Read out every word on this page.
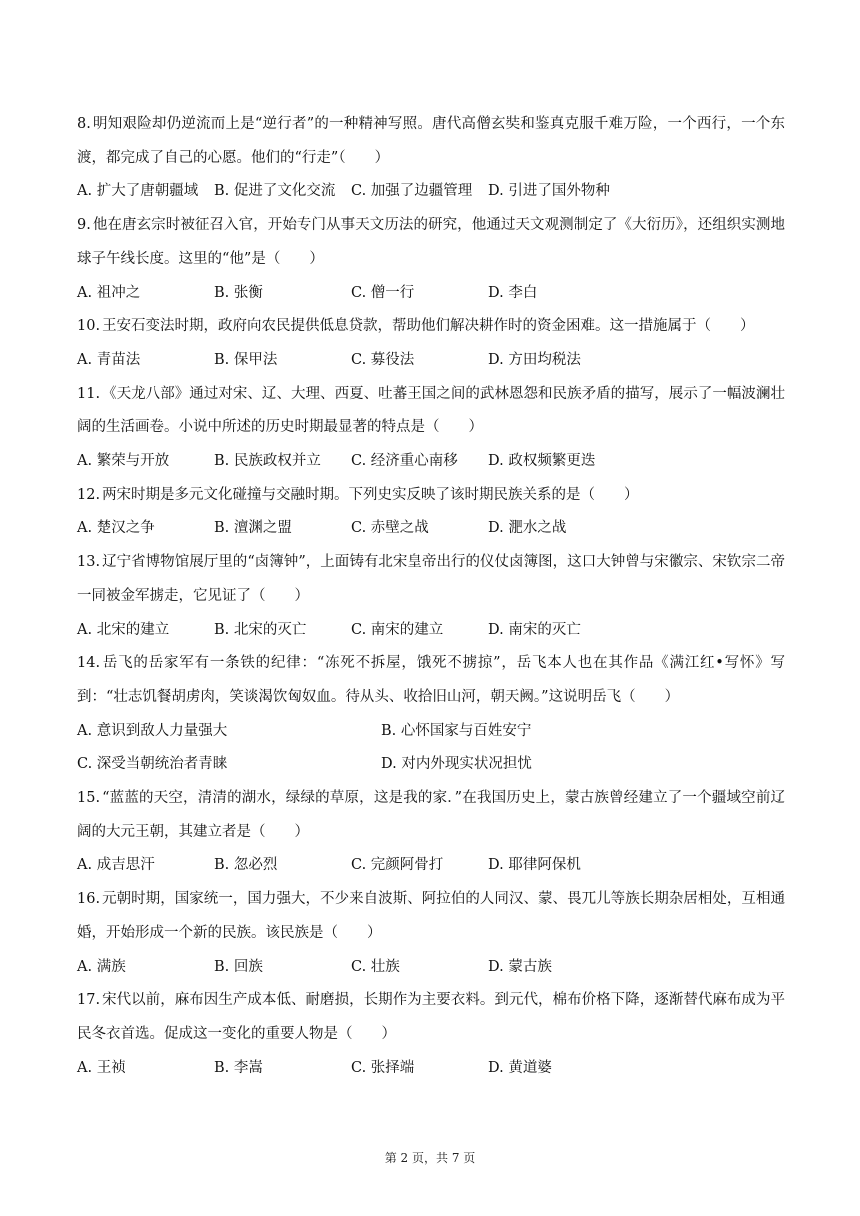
8. 明知艰险却仍逆流而上是“逆行者”的一种精神写照。唐代高僧玄奘和鉴真克服千难万险，一个西行，一个东渡，都完成了自己的心愿。他们的“行走”（　　）

A. 扩大了唐朝疆域	B. 促进了文化交流	C. 加强了边疆管理	D. 引进了国外物种

9. 他在唐玄宗时被征召入官，开始专门从事天文历法的研究，他通过天文观测制定了《大衍历》，还组织实测地球子午线长度。这里的“他”是（　　）

A. 祖冲之	B. 张衡	C. 僧一行	D. 李白

10. 王安石变法时期，政府向农民提供低息贷款，帮助他们解决耕作时的资金困难。这一措施属于（　　）

A. 青苗法	B. 保甲法	C. 募役法	D. 方田均税法

11. 《天龙八部》通过对宋、辽、大理、西夏、吐蕃王国之间的武林恩怨和民族矛盾的描写，展示了一幅波澜壮阔的生活画卷。小说中所述的历史时期最显著的特点是（　　）

A. 繁荣与开放	B. 民族政权并立	C. 经济重心南移	D. 政权频繁更迭

12. 两宋时期是多元文化碰撞与交融时期。下列史实反映了该时期民族关系的是（　　）

A. 楚汉之争	B. 澶渊之盟	C. 赤壁之战	D. 淝水之战

13. 辽宁省博物馆展厅里的“卤簿钟”，上面铸有北宋皇帝出行的仪仗卤簿图，这口大钟曾与宋徽宗、宋钦宗二帝一同被金军掳走，它见证了（　　）

A. 北宋的建立	B. 北宋的灭亡	C. 南宋的建立	D. 南宋的灭亡

14. 岳飞的岳家军有一条铁的纪律：“冻死不拆屋，饿死不掳掠”，岳飞本人也在其作品《满江红•写怀》写到：“壮志饥餐胡虏肉，笑谈渴饮匈奴血。待从头、收拾旧山河，朝天阙。”这说明岳飞（　　）

A. 意识到敌人力量强大	B. 心怀国家与百姓安宁
C. 深受当朝统治者青睐	D. 对内外现实状况担忧

15. “蓝蓝的天空，清清的湖水，绿绿的草原，这是我的家．”在我国历史上，蒙古族曾经建立了一个疆域空前辽阔的大元王朝，其建立者是（　　）

A. 成吉思汗	B. 忽必烈	C. 完颜阿骨打	D. 耶律阿保机

16. 元朝时期，国家统一，国力强大，不少来自波斯、阿拉伯的人同汉、蒙、畏兀儿等族长期杂居相处，互相通婚，开始形成一个新的民族。该民族是（　　）

A. 满族	B. 回族	C. 壮族	D. 蒙古族

17. 宋代以前，麻布因生产成本低、耐磨损，长期作为主要衣料。到元代，棉布价格下降，逐渐替代麻布成为平民冬衣首选。促成这一变化的重要人物是（　　）

A. 王祯	B. 李嵩	C. 张择端	D. 黄道婆
第 2 页，共 7 页
